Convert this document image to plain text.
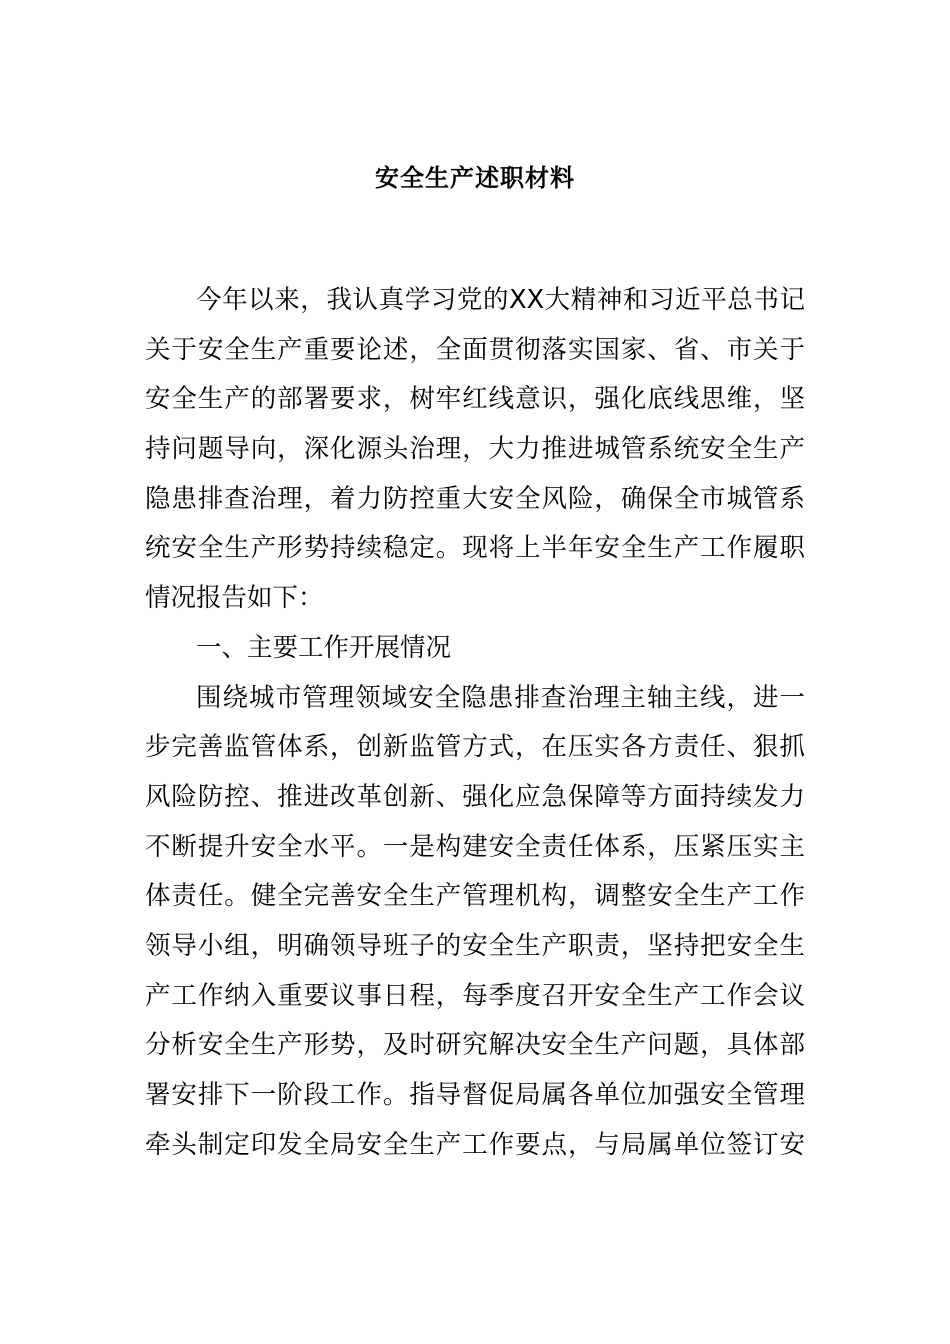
安全生产述职材料
今年以来，我认真学习党的XX大精神和习近平总书记
关于安全生产重要论述，全面贯彻落实国家、省、市关于
安全生产的部署要求，树牢红线意识，强化底线思维，坚
持问题导向，深化源头治理，大力推进城管系统安全生产
隐患排查治理，着力防控重大安全风险，确保全市城管系
统安全生产形势持续稳定。现将上半年安全生产工作履职
情况报告如下：
一、主要工作开展情况
围绕城市管理领域安全隐患排查治理主轴主线，进一
步完善监管体系，创新监管方式，在压实各方责任、狠抓
风险防控、推进改革创新、强化应急保障等方面持续发力
不断提升安全水平。一是构建安全责任体系，压紧压实主
体责任。健全完善安全生产管理机构，调整安全生产工作
领导小组，明确领导班子的安全生产职责，坚持把安全生
产工作纳入重要议事日程，每季度召开安全生产工作会议
分析安全生产形势，及时研究解决安全生产问题，具体部
署安排下一阶段工作。指导督促局属各单位加强安全管理
牵头制定印发全局安全生产工作要点，与局属单位签订安
